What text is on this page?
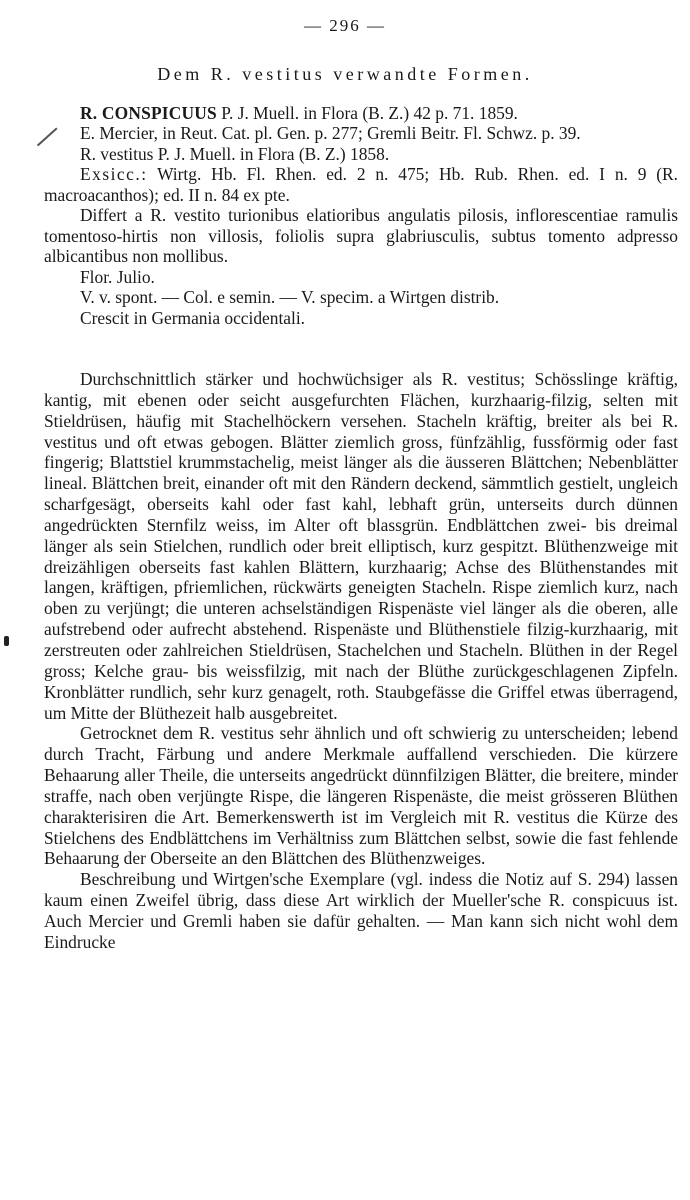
— 296 —
Dem R. vestitus verwandte Formen.

R. CONSPICUUS P. J. Muell. in Flora (B. Z.) 42 p. 71. 1859.

E. Mercier, in Reut. Cat. pl. Gen. p. 277; Gremli Beitr. Fl. Schwz. p. 39.

R. vestitus P. J. Muell. in Flora (B. Z.) 1858.

Exsicc.: Wirtg. Hb. Fl. Rhen. ed. 2 n. 475; Hb. Rub. Rhen. ed. I n. 9 (R. macroacanthos); ed. II n. 84 ex pte.

Differt a R. vestito turionibus elatioribus angulatis pilosis, inflorescentiae ramulis tomentoso-hirtis non villosis, foliolis supra glabriusculis, subtus tomento adpresso albicantibus non mollibus.

Flor. Julio.

V. v. spont. — Col. e semin. — V. specim. a Wirtgen distrib.

Crescit in Germania occidentali.

Durchschnittlich stärker und hochwüchsiger als R. vestitus; Schösslinge kräftig, kantig, mit ebenen oder seicht ausgefurchten Flächen, kurzhaarig-filzig, selten mit Stieldrüsen, häufig mit Stachelhöckern versehen. Stacheln kräftig, breiter als bei R. vestitus und oft etwas gebogen. Blätter ziemlich gross, fünfzählig, fussförmig oder fast fingerig; Blattstiel krummstachelig, meist länger als die äusseren Blättchen; Nebenblätter lineal. Blättchen breit, einander oft mit den Rändern deckend, sämmtlich gestielt, ungleich scharfgesägt, oberseits kahl oder fast kahl, lebhaft grün, unterseits durch dünnen angedrückten Sternfilz weiss, im Alter oft blassgrün. Endblättchen zwei- bis dreimal länger als sein Stielchen, rundlich oder breit elliptisch, kurz gespitzt. Blüthenzweige mit dreizähligen oberseits fast kahlen Blättern, kurzhaarig; Achse des Blüthenstandes mit langen, kräftigen, pfriemlichen, rückwärts geneigten Stacheln. Rispe ziemlich kurz, nach oben zu verjüngt; die unteren achselständigen Rispenäste viel länger als die oberen, alle aufstrebend oder aufrecht abstehend. Rispenäste und Blüthenstiele filzig-kurzhaarig, mit zerstreuten oder zahlreichen Stieldrüsen, Stachelchen und Stacheln. Blüthen in der Regel gross; Kelche grau- bis weissfilzig, mit nach der Blüthe zurückgeschlagenen Zipfeln. Kronblätter rundlich, sehr kurz genagelt, roth. Staubgefässe die Griffel etwas überragend, um Mitte der Blüthezeit halb ausgebreitet.

Getrocknet dem R. vestitus sehr ähnlich und oft schwierig zu unterscheiden; lebend durch Tracht, Färbung und andere Merkmale auffallend verschieden. Die kürzere Behaarung aller Theile, die unterseits angedrückt dünnfilzigen Blätter, die breitere, minder straffe, nach oben verjüngte Rispe, die längeren Rispenäste, die meist grösseren Blüthen charakterisiren die Art. Bemerkenswerth ist im Vergleich mit R. vestitus die Kürze des Stielchens des Endblättchens im Verhältniss zum Blättchen selbst, sowie die fast fehlende Behaarung der Oberseite an den Blättchen des Blüthenzweiges.

Beschreibung und Wirtgen'sche Exemplare (vgl. indess die Notiz auf S. 294) lassen kaum einen Zweifel übrig, dass diese Art wirklich der Mueller'sche R. conspicuus ist. Auch Mercier und Gremli haben sie dafür gehalten. — Man kann sich nicht wohl dem Eindrucke
